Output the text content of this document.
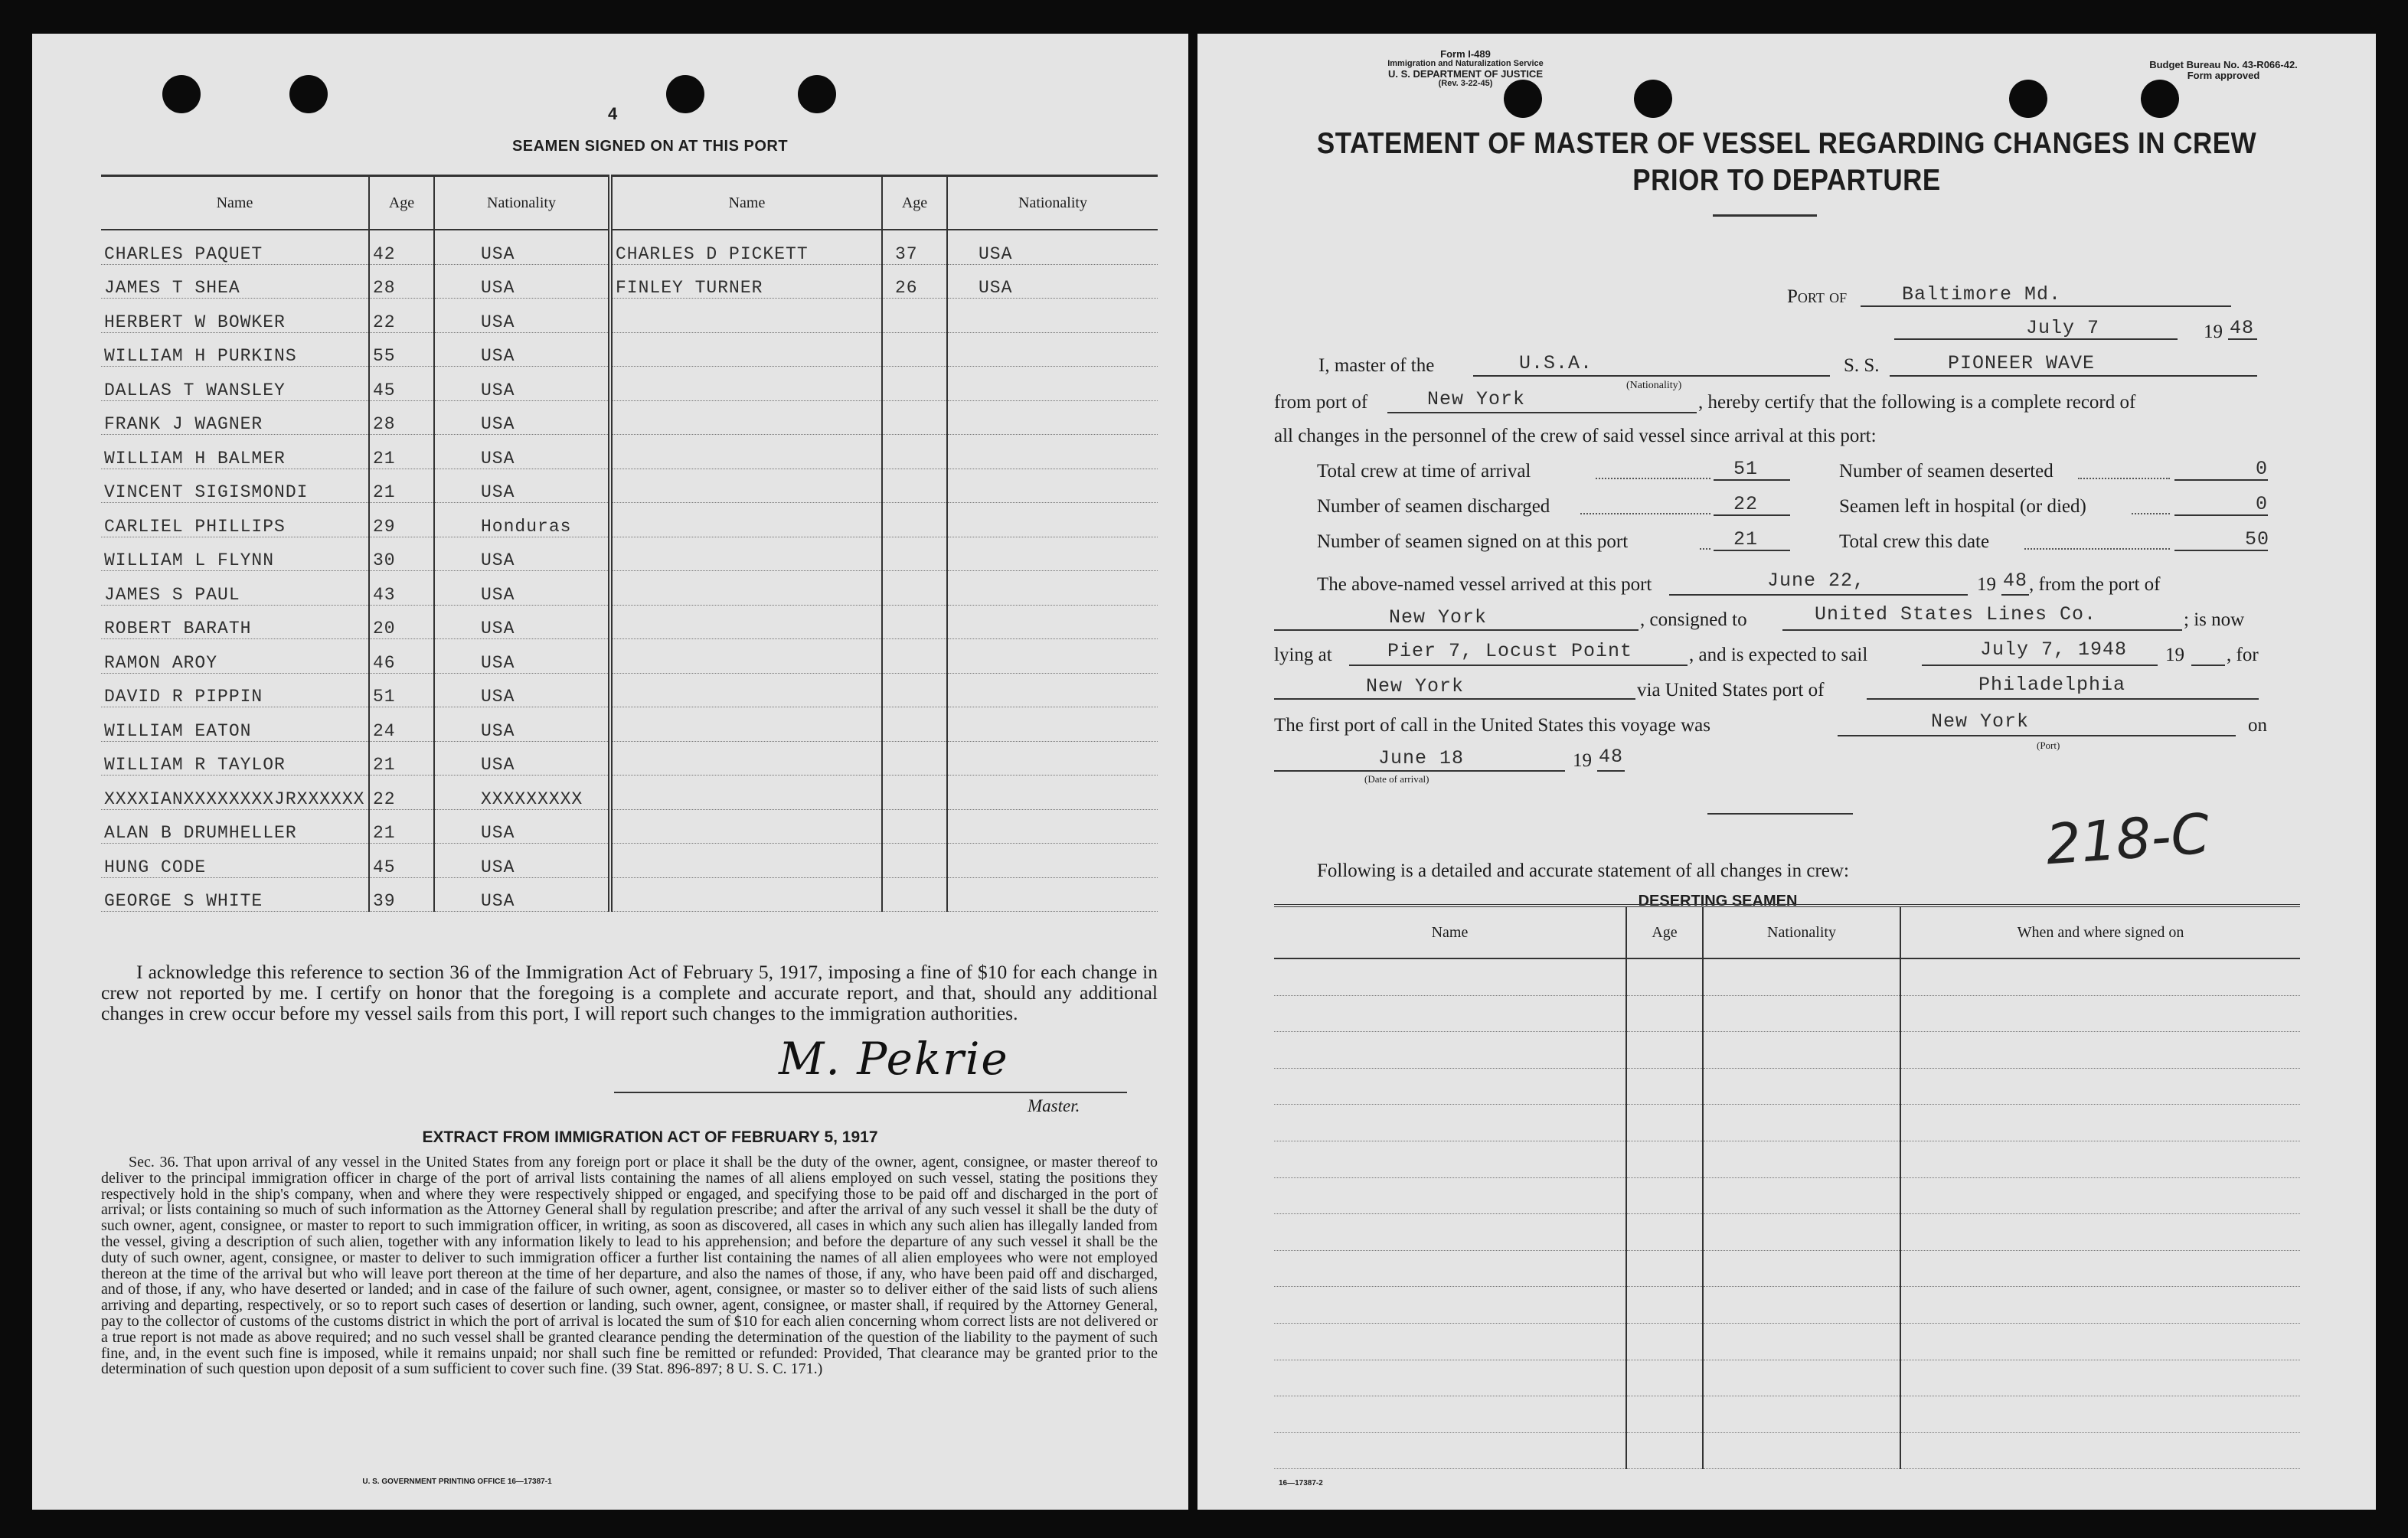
4
SEAMEN SIGNED ON AT THIS PORT
Name	Age	Nationality	Name	Age	Nationality
CHARLES PAQUET	42	USA	CHARLES D PICKETT	37	USA
JAMES T SHEA	28	USA	FINLEY TURNER	26	USA
HERBERT W BOWKER	22	USA			
WILLIAM H PURKINS	55	USA			
DALLAS T WANSLEY	45	USA			
FRANK J WAGNER	28	USA			
WILLIAM H BALMER	21	USA			
VINCENT SIGISMONDI	21	USA			
CARLIEL PHILLIPS	29	Honduras			
WILLIAM L FLYNN	30	USA			
JAMES S PAUL	43	USA			
ROBERT BARATH	20	USA			
RAMON AROY	46	USA			
DAVID R PIPPIN	51	USA			
WILLIAM EATON	24	USA			
WILLIAM R TAYLOR	21	USA			
XXXXIANXXXXXXXXJRXXXXXX	22	XXXXXXXXX			
ALAN B DRUMHELLER	21	USA			
HUNG CODE	45	USA			
GEORGE S WHITE	39	USA			
I acknowledge this reference to section 36 of the Immigration Act of February 5, 1917, imposing a fine of $10 for each change in crew not reported by me. I certify on honor that the foregoing is a complete and accurate report, and that, should any additional changes in crew occur before my vessel sails from this port, I will report such changes to the immigration authorities.
M. Pekrie
Master.
EXTRACT FROM IMMIGRATION ACT OF FEBRUARY 5, 1917
Sec. 36. That upon arrival of any vessel in the United States from any foreign port or place it shall be the duty of the owner, agent, consignee, or master thereof to deliver to the principal immigration officer in charge of the port of arrival lists containing the names of all aliens employed on such vessel, stating the positions they respectively hold in the ship's company, when and where they were respectively shipped or engaged, and specifying those to be paid off and discharged in the port of arrival; or lists containing so much of such information as the Attorney General shall by regulation prescribe; and after the arrival of any such vessel it shall be the duty of such owner, agent, consignee, or master to report to such immigration officer, in writing, as soon as discovered, all cases in which any such alien has illegally landed from the vessel, giving a description of such alien, together with any information likely to lead to his apprehension; and before the departure of any such vessel it shall be the duty of such owner, agent, consignee, or master to deliver to such immigration officer a further list containing the names of all alien employees who were not employed thereon at the time of the arrival but who will leave port thereon at the time of her departure, and also the names of those, if any, who have been paid off and discharged, and of those, if any, who have deserted or landed; and in case of the failure of such owner, agent, consignee, or master so to deliver either of the said lists of such aliens arriving and departing, respectively, or so to report such cases of desertion or landing, such owner, agent, consignee, or master shall, if required by the Attorney General, pay to the collector of customs of the customs district in which the port of arrival is located the sum of $10 for each alien concerning whom correct lists are not delivered or a true report is not made as above required; and no such vessel shall be granted clearance pending the determination of the question of the liability to the payment of such fine, and, in the event such fine is imposed, while it remains unpaid; nor shall such fine be remitted or refunded: Provided, That clearance may be granted prior to the determination of such question upon deposit of a sum sufficient to cover such fine. (39 Stat. 896-897; 8 U. S. C. 171.)
U. S. GOVERNMENT PRINTING OFFICE 16—17387-1
Form I-489
Immigration and Naturalization Service
U. S. DEPARTMENT OF JUSTICE
(Rev. 3-22-45)
Budget Bureau No. 43-R066-42.
Form approved
STATEMENT OF MASTER OF VESSEL REGARDING CHANGES IN CREW
PRIOR TO DEPARTURE
Port of	Baltimore Md.
July 7	19 48
I, master of the	U.S.A.
(Nationality)
S. S.	PIONEER WAVE
from port of	New York	, hereby certify that the following is a complete record of
all changes in the personnel of the crew of said vessel since arrival at this port:
Total crew at time of arrival	51
Number of seamen discharged	22
Number of seamen signed on at this port	21
Number of seamen deserted	0
Seamen left in hospital (or died)	0
Total crew this date	50
The above-named vessel arrived at this port	June 22,	19 48 , from the port of
New York	, consigned to	United States Lines Co.	; is now
lying at	Pier 7, Locust Point	, and is expected to sail	July 7, 1948 19 , for
New York	via United States port of	Philadelphia
The first port of call in the United States this voyage was	New York
(Port)
on
June 18
(Date of arrival)
19 48
218-C
Following is a detailed and accurate statement of all changes in crew:
DESERTING SEAMEN
Name	Age	Nationality	When and where signed on

16—17387-2
